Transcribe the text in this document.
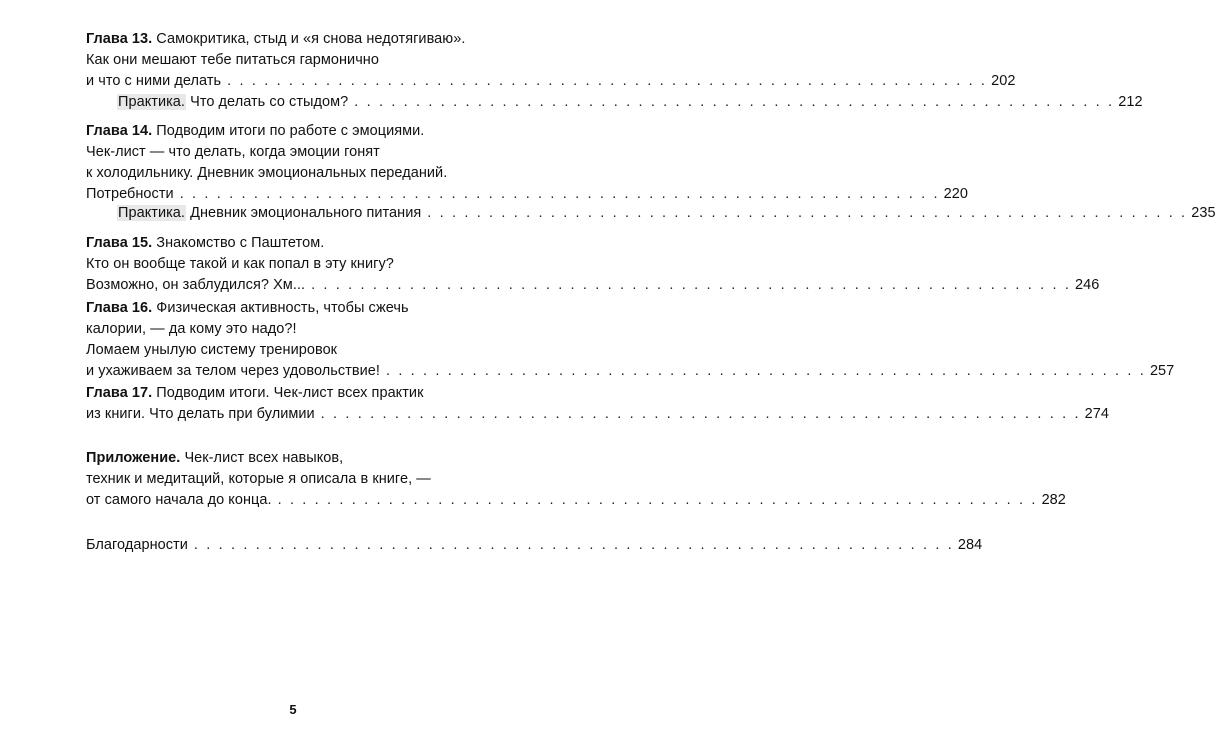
Глава 13. Самокритика, стыд и «я снова недотягиваю».
Как они мешают тебе питаться гармонично
и что с ними делать . . . . . . . . . . . . . . . . . . . . . . . . . . . . . . . . . . . . . . . . . . . . . . . . . . . . . . . . . . . . . . 202
Практика. Что делать со стыдом? . . . . . . . . . . . . . . . . . . . . . . . . . . . . . . . . . . . . . . . . . . . . . . . . . . . . . . . . . . . . . . 212
Глава 14. Подводим итоги по работе с эмоциями.
Чек-лист — что делать, когда эмоции гонят
к холодильнику. Дневник эмоциональных переданий.
Потребности . . . . . . . . . . . . . . . . . . . . . . . . . . . . . . . . . . . . . . . . . . . . . . . . . . . . . . . . . . . . . . 220
Практика. Дневник эмоционального питания . . . . . . . . . . . . . . . . . . . . . . . . . . . . . . . . . . . . . . . . . . . . . . . . . . . . . . . . . . . . . . 235
Глава 15. Знакомство с Паштетом.
Кто он вообще такой и как попал в эту книгу?
Возможно, он заблудился? Хм... . . . . . . . . . . . . . . . . . . . . . . . . . . . . . . . . . . . . . . . . . . . . . . . . . . . . . . . . . . . . . . 246
Глава 16. Физическая активность, чтобы сжечь
калории, — да кому это надо?!
Ломаем унылую систему тренировок
и ухаживаем за телом через удовольствие! . . . . . . . . . . . . . . . . . . . . . . . . . . . . . . . . . . . . . . . . . . . . . . . . . . . . . . . . . . . . . . 257
Глава 17. Подводим итоги. Чек-лист всех практик
из книги. Что делать при булимии . . . . . . . . . . . . . . . . . . . . . . . . . . . . . . . . . . . . . . . . . . . . . . . . . . . . . . . . . . . . . . 274
Приложение. Чек-лист всех навыков,
техник и медитаций, которые я описала в книге, —
от самого начала до конца. . . . . . . . . . . . . . . . . . . . . . . . . . . . . . . . . . . . . . . . . . . . . . . . . . . . . . . . . . . . . . . 282
Благодарности . . . . . . . . . . . . . . . . . . . . . . . . . . . . . . . . . . . . . . . . . . . . . . . . . . . . . . . . . . . . . . 284
5
